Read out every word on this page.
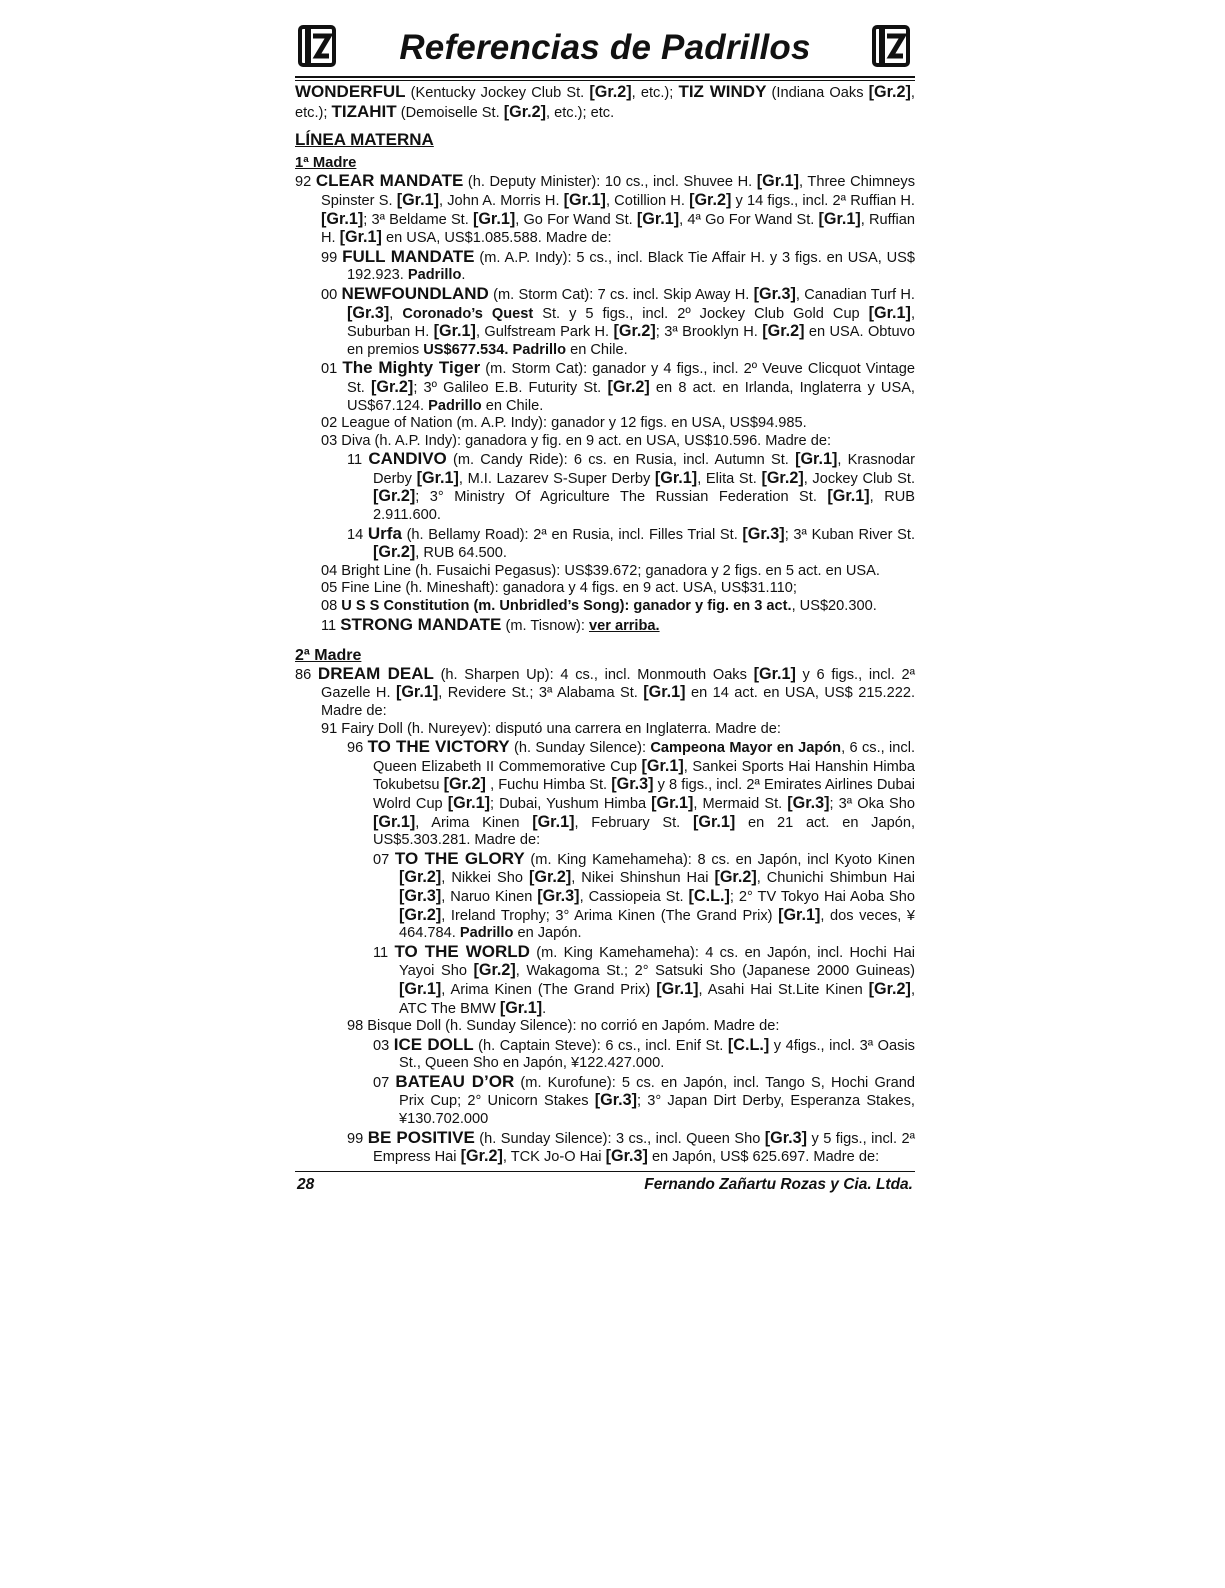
Referencias de Padrillos

WONDERFUL (Kentucky Jockey Club St. [Gr.2], etc.); TIZ WINDY (Indiana Oaks [Gr.2], etc.); TIZAHIT (Demoiselle St. [Gr.2], etc.); etc.

LÍNEA MATERNA
1ª Madre

92 CLEAR MANDATE (h. Deputy Minister): 10 cs., incl. Shuvee H. [Gr.1], Three Chimneys Spinster S. [Gr.1], John A. Morris H. [Gr.1], Cotillion H. [Gr.2] y 14 figs., incl. 2ª Ruffian H. [Gr.1]; 3ª Beldame St. [Gr.1], Go For Wand St. [Gr.1], 4ª Go For Wand St. [Gr.1], Ruffian H. [Gr.1] en USA, US$1.085.588. Madre de:

99 FULL MANDATE (m. A.P. Indy): 5 cs., incl. Black Tie Affair H. y 3 figs. en USA, US$ 192.923. Padrillo.

00 NEWFOUNDLAND (m. Storm Cat): 7 cs. incl. Skip Away H. [Gr.3], Canadian Turf H. [Gr.3], Coronado’s Quest St. y 5 figs., incl. 2º Jockey Club Gold Cup [Gr.1], Suburban H. [Gr.1], Gulfstream Park H. [Gr.2]; 3ª Brooklyn H. [Gr.2] en USA. Obtuvo en premios US$677.534. Padrillo en Chile.

01 The Mighty Tiger (m. Storm Cat): ganador y 4 figs., incl. 2º Veuve Clicquot Vintage St. [Gr.2]; 3º Galileo E.B. Futurity St. [Gr.2] en 8 act. en Irlanda, Inglaterra y USA, US$67.124. Padrillo en Chile.

02 League of Nation (m. A.P. Indy): ganador y 12 figs. en USA, US$94.985.

03 Diva (h. A.P. Indy): ganadora y fig. en 9 act. en USA, US$10.596. Madre de:

11 CANDIVO (m. Candy Ride): 6 cs. en Rusia, incl. Autumn St. [Gr.1], Krasnodar Derby [Gr.1], M.I. Lazarev S-Super Derby [Gr.1], Elita St. [Gr.2], Jockey Club St. [Gr.2]; 3° Ministry Of Agriculture The Russian Federation St. [Gr.1], RUB 2.911.600.

14 Urfa (h. Bellamy Road): 2ª en Rusia, incl. Filles Trial St. [Gr.3]; 3ª Kuban River St. [Gr.2], RUB 64.500.

04 Bright Line (h. Fusaichi Pegasus): US$39.672; ganadora y 2 figs. en 5 act. en USA.

05 Fine Line (h. Mineshaft): ganadora y 4 figs. en 9 act. USA, US$31.110;

08 U S S Constitution (m. Unbridled’s Song): ganador y fig. en 3 act., US$20.300.

11 STRONG MANDATE (m. Tisnow): ver arriba.

2ª Madre

86 DREAM DEAL (h. Sharpen Up): 4 cs., incl. Monmouth Oaks [Gr.1] y 6 figs., incl. 2ª Gazelle H. [Gr.1], Revidere St.; 3ª Alabama St. [Gr.1] en 14 act. en USA, US$ 215.222. Madre de:

91 Fairy Doll (h. Nureyev): disputó una carrera en Inglaterra. Madre de:

96 TO THE VICTORY (h. Sunday Silence): Campeona Mayor en Japón, 6 cs., incl. Queen Elizabeth II Commemorative Cup [Gr.1], Sankei Sports Hai Hanshin Himba Tokubetsu [Gr.2] , Fuchu Himba St. [Gr.3] y 8 figs., incl. 2ª Emirates Airlines Dubai Wolrd Cup [Gr.1]; Dubai, Yushum Himba [Gr.1], Mermaid St. [Gr.3]; 3ª Oka Sho [Gr.1], Arima Kinen [Gr.1], February St. [Gr.1] en 21 act. en Japón, US$5.303.281. Madre de:

07 TO THE GLORY (m. King Kamehameha): 8 cs. en Japón, incl Kyoto Kinen [Gr.2], Nikkei Sho [Gr.2], Nikei Shinshun Hai [Gr.2], Chunichi Shimbun Hai [Gr.3], Naruo Kinen [Gr.3], Cassiopeia St. [C.L.]; 2° TV Tokyo Hai Aoba Sho [Gr.2], Ireland Trophy; 3° Arima Kinen (The Grand Prix) [Gr.1], dos veces, ¥ 464.784. Padrillo en Japón.

11 TO THE WORLD (m. King Kamehameha): 4 cs. en Japón, incl. Hochi Hai Yayoi Sho [Gr.2], Wakagoma St.; 2° Satsuki Sho (Japanese 2000 Guineas) [Gr.1], Arima Kinen (The Grand Prix) [Gr.1], Asahi Hai St.Lite Kinen [Gr.2], ATC The BMW [Gr.1].

98 Bisque Doll (h. Sunday Silence): no corrió en Japóm. Madre de:

03 ICE DOLL (h. Captain Steve): 6 cs., incl. Enif St. [C.L.] y 4figs., incl. 3ª Oasis St., Queen Sho en Japón, ¥122.427.000.

07 BATEAU D’OR (m. Kurofune): 5 cs. en Japón, incl. Tango S, Hochi Grand Prix Cup; 2° Unicorn Stakes [Gr.3]; 3° Japan Dirt Derby, Esperanza Stakes, ¥130.702.000

99 BE POSITIVE (h. Sunday Silence): 3 cs., incl. Queen Sho [Gr.3] y 5 figs., incl. 2ª Empress Hai [Gr.2], TCK Jo-O Hai [Gr.3] en Japón, US$ 625.697. Madre de:

28	Fernando Zañartu Rozas y Cia. Ltda.
